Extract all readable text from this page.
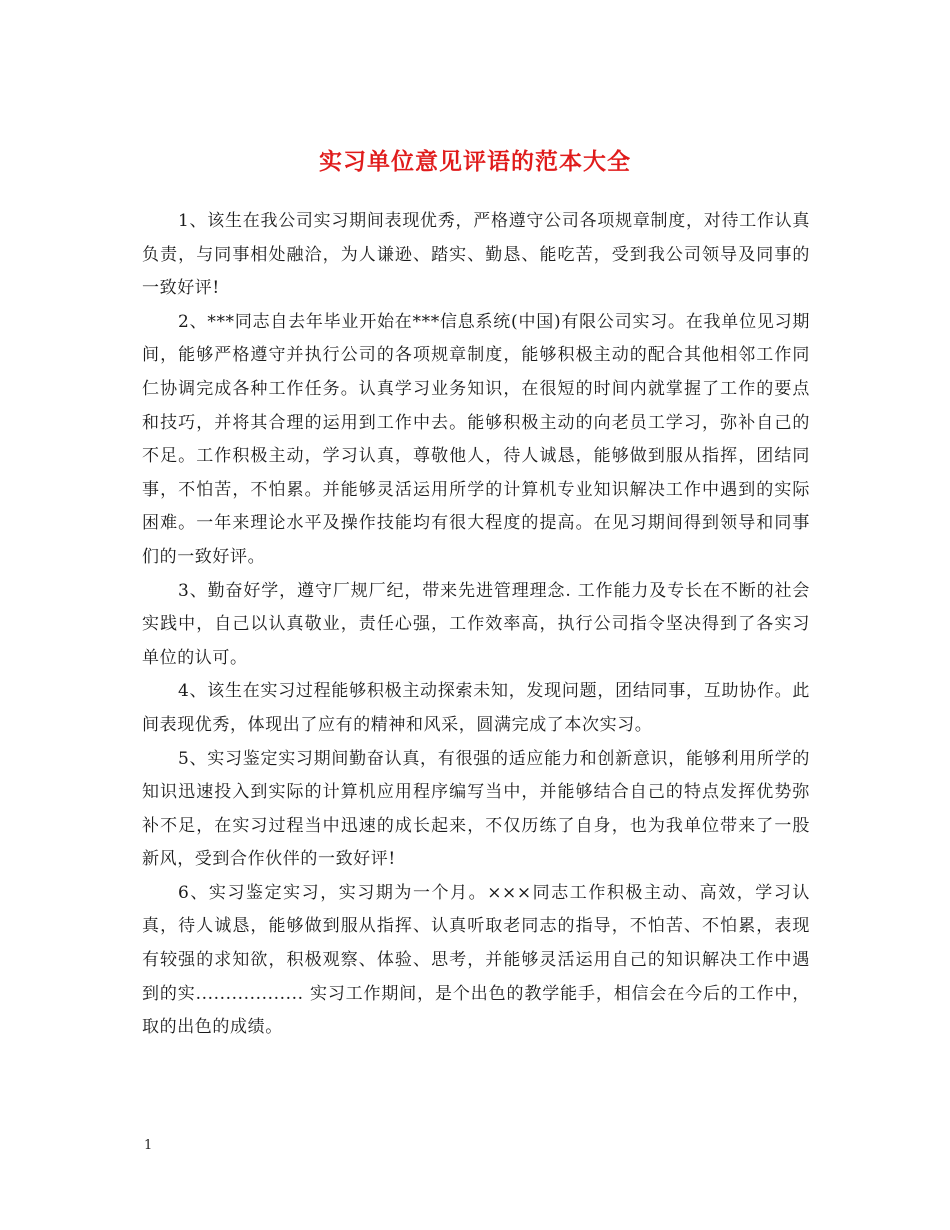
实习单位意见评语的范本大全

1、该生在我公司实习期间表现优秀，严格遵守公司各项规章制度，对待工作认真负责，与同事相处融洽，为人谦逊、踏实、勤恳、能吃苦，受到我公司领导及同事的一致好评!

2、***同志自去年毕业开始在***信息系统(中国)有限公司实习。在我单位见习期间，能够严格遵守并执行公司的各项规章制度，能够积极主动的配合其他相邻工作同仁协调完成各种工作任务。认真学习业务知识，在很短的时间内就掌握了工作的要点和技巧，并将其合理的运用到工作中去。能够积极主动的向老员工学习，弥补自己的不足。工作积极主动，学习认真，尊敬他人，待人诚恳，能够做到服从指挥，团结同事，不怕苦，不怕累。并能够灵活运用所学的计算机专业知识解决工作中遇到的实际困难。一年来理论水平及操作技能均有很大程度的提高。在见习期间得到领导和同事们的一致好评。

3、勤奋好学，遵守厂规厂纪，带来先进管理理念. 工作能力及专长在不断的社会实践中，自己以认真敬业，责任心强，工作效率高，执行公司指令坚决得到了各实习单位的认可。

4、该生在实习过程能够积极主动探索未知，发现问题，团结同事，互助协作。此间表现优秀，体现出了应有的精神和风采，圆满完成了本次实习。

5、实习鉴定实习期间勤奋认真，有很强的适应能力和创新意识，能够利用所学的知识迅速投入到实际的计算机应用程序编写当中，并能够结合自己的特点发挥优势弥补不足，在实习过程当中迅速的成长起来，不仅历练了自身，也为我单位带来了一股新风，受到合作伙伴的一致好评!

6、实习鉴定实习，实习期为一个月。×××同志工作积极主动、高效，学习认真，待人诚恳，能够做到服从指挥、认真听取老同志的指导，不怕苦、不怕累，表现有较强的求知欲，积极观察、体验、思考，并能够灵活运用自己的知识解决工作中遇到的实.................. 实习工作期间，是个出色的教学能手，相信会在今后的工作中，取的出色的成绩。

1
